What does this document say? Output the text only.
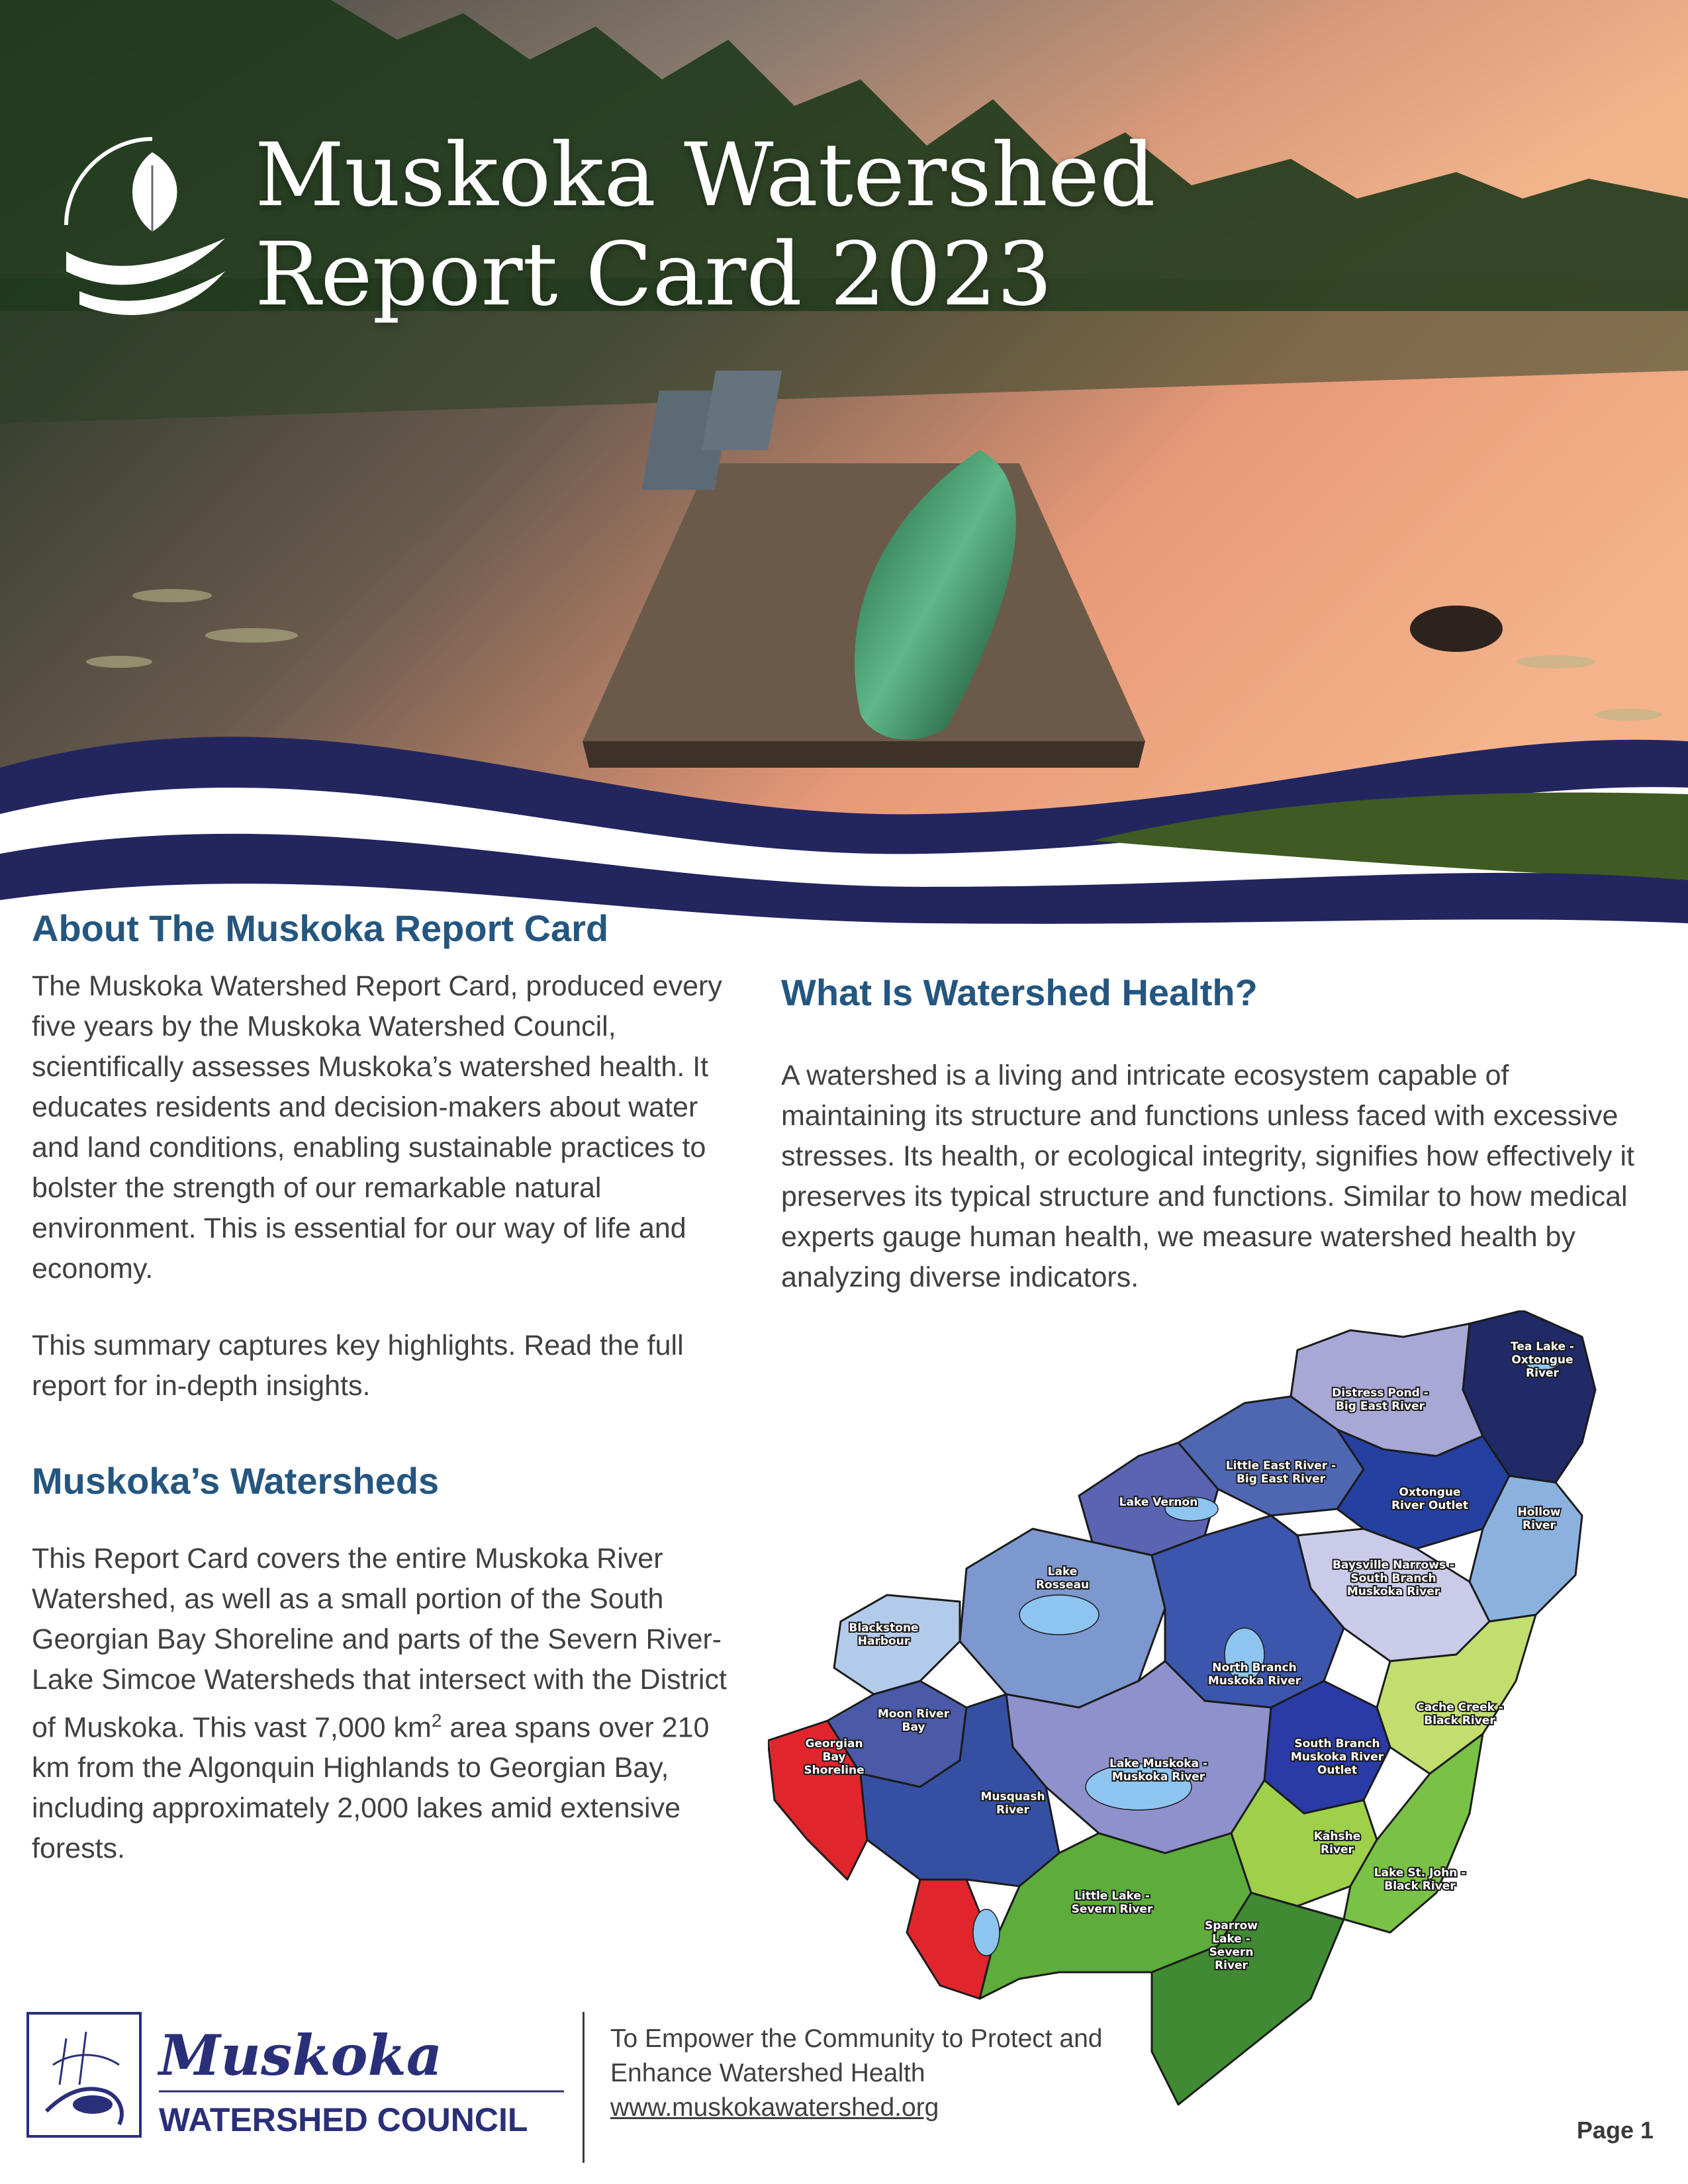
Muskoka Watershed
Report Card 2023
About The Muskoka Report Card

The Muskoka Watershed Report Card, produced every five years by the Muskoka Watershed Council, scientifically assesses Muskoka’s watershed health. It educates residents and decision-makers about water and land conditions, enabling sustainable practices to bolster the strength of our remarkable natural environment. This is essential for our way of life and economy.

This summary captures key highlights. Read the full report for in-depth insights.

Muskoka’s Watersheds

This Report Card covers the entire Muskoka River Watershed, as well as a small portion of the South Georgian Bay Shoreline and parts of the Severn River-Lake Simcoe Watersheds that intersect with the District of Muskoka. This vast 7,000 $km^2$ area spans over 210 km from the Algonquin Highlands to Georgian Bay, including approximately 2,000 lakes amid extensive forests.

What Is Watershed Health?

A watershed is a living and intricate ecosystem capable of maintaining its structure and functions unless faced with excessive stresses. Its health, or ecological integrity, signifies how effectively it preserves its typical structure and functions. Similar to how medical experts gauge human health, we measure watershed health by analyzing diverse indicators.

Tea Lake -Oxtongue River
Distress Pond -Big East River
Little East River -Big East River
Oxtongue River Outlet	Hollow River
Lake Vernon
Baysville Narrows -South Branch Muskoka River
Lake Rosseau
Blackstone Harbour
North Branch Muskoka River
Cache Creek -Black River
Moon River Bay
Georgian Bay Shoreline
South Branch Muskoka River Outlet
Lake Muskoka -Muskoka River
Musquash River
Kahshe River
Lake St. John -Black River
Little Lake -Severn River
Sparrow Lake -Severn River
Muskoka
WATERSHED COUNCIL
To Empower the Community to Protect and
Enhance Watershed Health
www.muskokawatershed.org
Page 1
